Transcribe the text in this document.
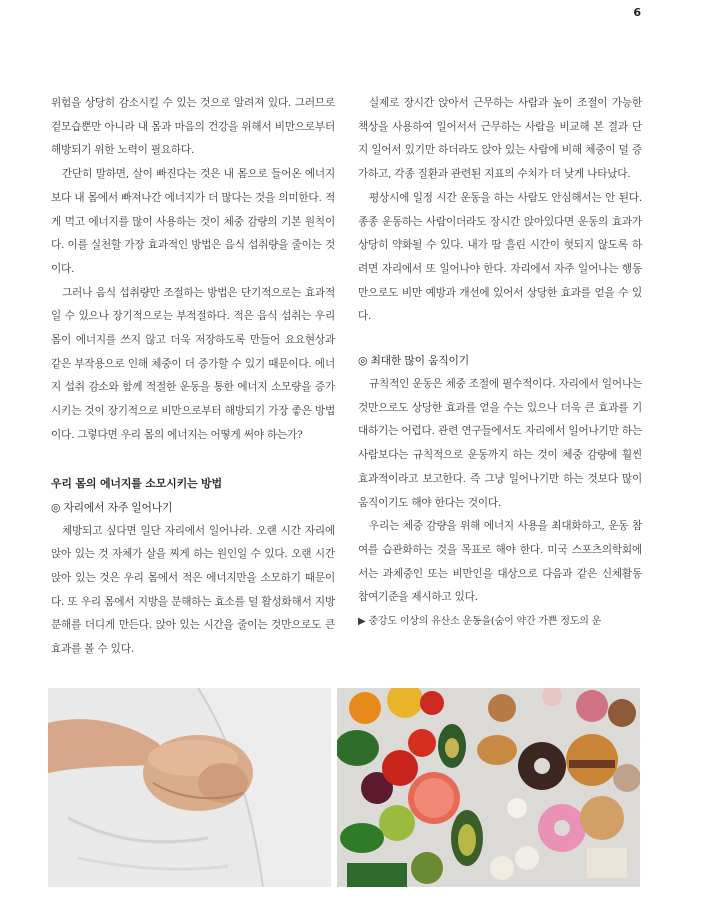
6

위험을 상당히 감소시킬 수 있는 것으로 알려져 있다. 그러므로 겉모습뿐만 아니라 내 몸과 마음의 건강을 위해서 비만으로부터 해방되기 위한 노력이 필요하다.

간단히 말하면, 살이 빠진다는 것은 내 몸으로 들어온 에너지보다 내 몸에서 빠져나간 에너지가 더 많다는 것을 의미한다. 적게 먹고 에너지를 많이 사용하는 것이 체중 감량의 기본 원칙이다. 이를 실천할 가장 효과적인 방법은 음식 섭취량을 줄이는 것이다.

그러나 음식 섭취량만 조절하는 방법은 단기적으로는 효과적일 수 있으나 장기적으로는 부적절하다. 적은 음식 섭취는 우리 몸이 에너지를 쓰지 않고 더욱 저장하도록 만들어 요요현상과 같은 부작용으로 인해 체중이 더 증가할 수 있기 때문이다. 에너지 섭취 감소와 함께 적절한 운동을 통한 에너지 소모량을 증가시키는 것이 장기적으로 비만으로부터 해방되기 가장 좋은 방법이다. 그렇다면 우리 몸의 에너지는 어떻게 써야 하는가?

우리 몸의 에너지를 소모시키는 방법

◎ 자리에서 자주 일어나기

체방되고 싶다면 일단 자리에서 일어나라. 오랜 시간 자리에 앉아 있는 것 자체가 살을 찌게 하는 원인일 수 있다. 오랜 시간 앉아 있는 것은 우리 몸에서 적은 에너지만을 소모하기 때문이다. 또 우리 몸에서 지방을 분해하는 효소를 덜 활성화해서 지방분해를 더디게 만든다. 앉아 있는 시간을 줄이는 것만으로도 큰 효과를 볼 수 있다.

실제로 장시간 앉아서 근무하는 사람과 높이 조절이 가능한 책상을 사용하여 일어서서 근무하는 사람을 비교해 본 결과 단지 일어서 있기만 하더라도 앉아 있는 사람에 비해 체중이 덜 증가하고, 각종 질환과 관련된 지표의 수치가 더 낮게 나타났다.

평상시에 일정 시간 운동을 하는 사람도 안심해서는 안 된다. 종종 운동하는 사람이더라도 장시간 앉아있다면 운동의 효과가 상당히 약화될 수 있다. 내가 땀 흘린 시간이 헛되지 않도록 하려면 자리에서 또 일어나야 한다. 자리에서 자주 일어나는 행동만으로도 비만 예방과 개선에 있어서 상당한 효과를 얻을 수 있다.

◎ 최대한 많이 움직이기

규칙적인 운동은 체중 조절에 필수적이다. 자리에서 일어나는 것만으로도 상당한 효과를 얻을 수는 있으나 더욱 큰 효과를 기대하기는 어렵다. 관련 연구들에서도 자리에서 일어나기만 하는 사람보다는 규칙적으로 운동까지 하는 것이 체중 감량에 훨씬 효과적이라고 보고한다. 즉 그냥 일어나기만 하는 것보다 많이 움직이기도 해야 한다는 것이다.

우리는 체중 감량을 위해 에너지 사용을 최대화하고, 운동 참여를 습관화하는 것을 목표로 해야 한다. 미국 스포츠의학회에서는 과체중인 또는 비만인을 대상으로 다음과 같은 신체활동 참여기준을 제시하고 있다.

▶ 중강도 이상의 유산소 운동을(숨이 약간 가쁜 정도의 운
